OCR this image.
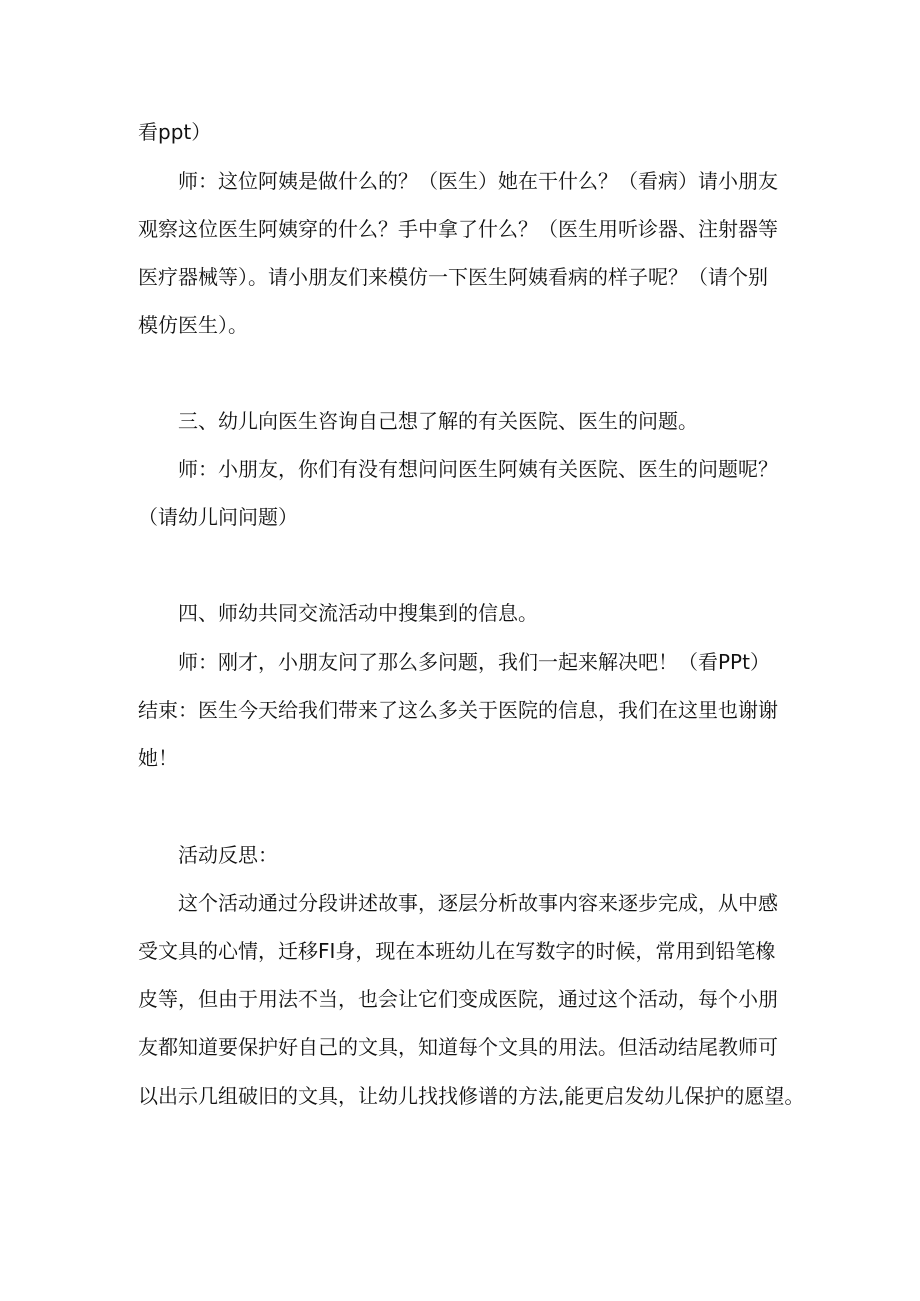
看ppt）
师：这位阿姨是做什么的？（医生）她在干什么？（看病）请小朋友
观察这位医生阿姨穿的什么？手中拿了什么？（医生用听诊器、注射器等
医疗器械等）。请小朋友们来模仿一下医生阿姨看病的样子呢？（请个别
模仿医生）。
三、幼儿向医生咨询自己想了解的有关医院、医生的问题。
师：小朋友，你们有没有想问问医生阿姨有关医院、医生的问题呢？
（请幼儿问问题）
四、师幼共同交流活动中搜集到的信息。
师：刚才，小朋友问了那么多问题，我们一起来解决吧！（看PPt）
结束：医生今天给我们带来了这么多关于医院的信息，我们在这里也谢谢
她！
活动反思：
这个活动通过分段讲述故事，逐层分析故事内容来逐步完成，从中感
受文具的心情，迁移FI身，现在本班幼儿在写数字的时候，常用到铅笔橡
皮等，但由于用法不当，也会让它们变成医院，通过这个活动，每个小朋
友都知道要保护好自己的文具，知道每个文具的用法。但活动结尾教师可
以出示几组破旧的文具，让幼儿找找修谱的方法,能更启发幼儿保护的愿望。
